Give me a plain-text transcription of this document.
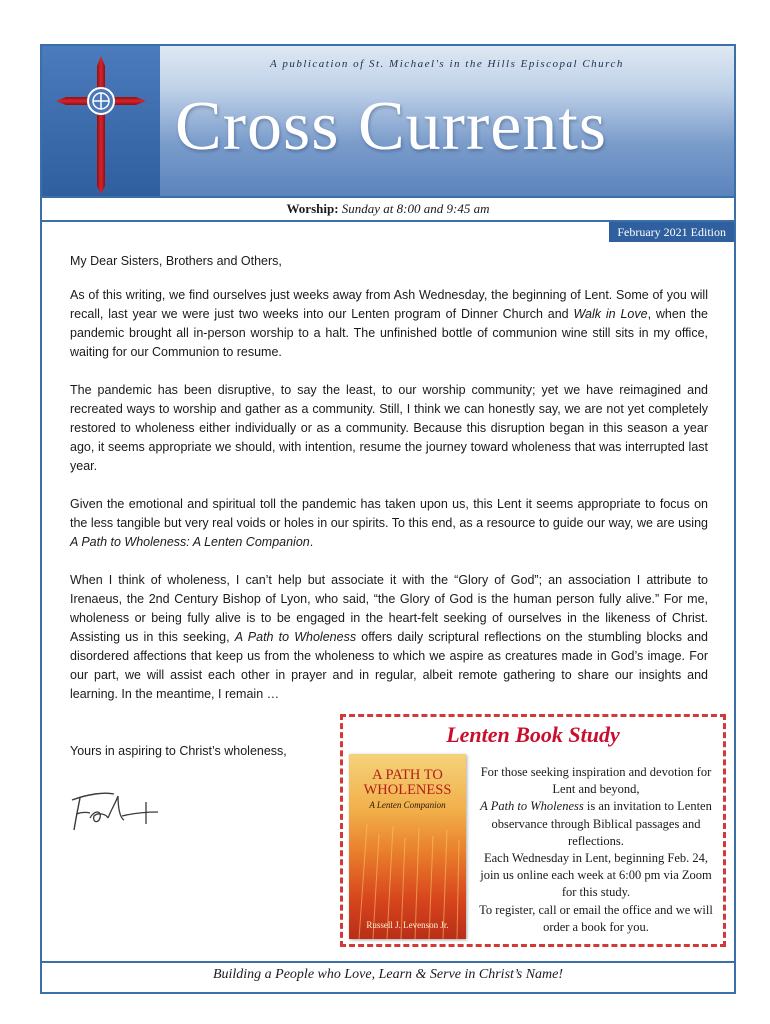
A publication of St. Michael's in the Hills Episcopal Church
Cross Currents
Worship: Sunday at 8:00 and 9:45 am
February 2021 Edition

My Dear Sisters, Brothers and Others,

As of this writing, we find ourselves just weeks away from Ash Wednesday, the beginning of Lent. Some of you will recall, last year we were just two weeks into our Lenten program of Dinner Church and Walk in Love, when the pandemic brought all in-person worship to a halt. The unfinished bottle of communion wine still sits in my office, waiting for our Communion to resume.

The pandemic has been disruptive, to say the least, to our worship community; yet we have reimagined and recreated ways to worship and gather as a community. Still, I think we can honestly say, we are not yet completely restored to wholeness either individually or as a community. Because this disruption began in this season a year ago, it seems appropriate we should, with intention, resume the journey toward wholeness that was interrupted last year.

Given the emotional and spiritual toll the pandemic has taken upon us, this Lent it seems appropriate to focus on the less tangible but very real voids or holes in our spirits. To this end, as a resource to guide our way, we are using A Path to Wholeness: A Lenten Companion.

When I think of wholeness, I can’t help but associate it with the “Glory of God”; an association I attribute to Irenaeus, the 2nd Century Bishop of Lyon, who said, “the Glory of God is the human person fully alive.” For me, wholeness or being fully alive is to be engaged in the heart-felt seeking of ourselves in the likeness of Christ. Assisting us in this seeking, A Path to Wholeness offers daily scriptural reflections on the stumbling blocks and disordered affections that keep us from the wholeness to which we aspire as creatures made in God’s image. For our part, we will assist each other in prayer and in regular, albeit remote gathering to share our insights and learning. In the meantime, I remain …

Yours in aspiring to Christ’s wholeness,
Lenten Book Study
A PATH TO
WHOLENESS
A Lenten Companion
Russell J. Levenson Jr.
For those seeking inspiration and devotion for Lent and beyond,
A Path to Wholeness is an invitation to Lenten observance through Biblical passages and reflections.
Each Wednesday in Lent, beginning Feb. 24, join us online each week at 6:00 pm via Zoom for this study.
To register, call or email the office and we will order a book for you.
Building a People who Love, Learn & Serve in Christ’s Name!
